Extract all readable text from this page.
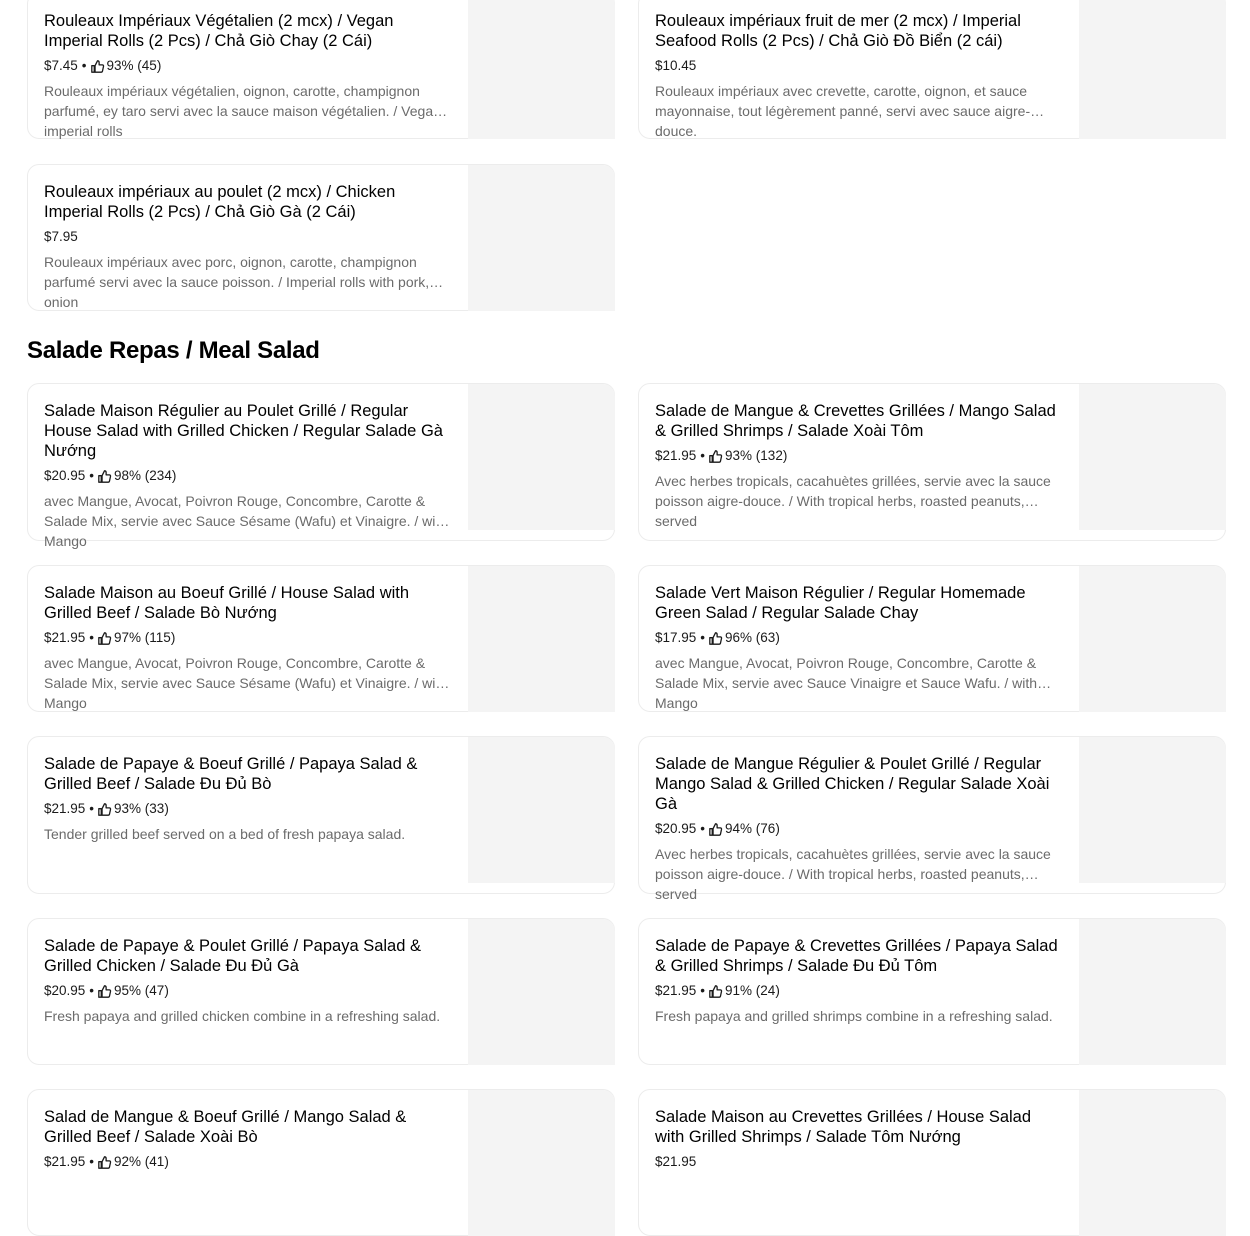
Rouleaux Impériaux Végétalien (2 mcx) / Vegan Imperial Rolls (2 Pcs) / Chả Giò Chay (2 Cái)
$7.45 • 93% (45)
Rouleaux impériaux végétalien, oignon, carotte, champignon parfumé, ey taro servi avec la sauce maison végétalien. / Vegan imperial rolls
Rouleaux impériaux fruit de mer (2 mcx) / Imperial Seafood Rolls (2 Pcs) / Chả Giò Đồ Biển (2 cái)
$10.45
Rouleaux impériaux avec crevette, carotte, oignon, et sauce mayonnaise, tout légèrement panné, servi avec sauce aigre-douce.
Rouleaux impériaux au poulet (2 mcx) / Chicken Imperial Rolls (2 Pcs) / Chả Giò Gà (2 Cái)
$7.95
Rouleaux impériaux avec porc, oignon, carotte, champignon parfumé servi avec la sauce poisson. / Imperial rolls with pork, onion
Salade Repas / Meal Salad
Salade Maison Régulier au Poulet Grillé / Regular House Salad with Grilled Chicken / Regular Salade Gà Nướng
$20.95 • 98% (234)
avec Mangue, Avocat, Poivron Rouge, Concombre, Carotte & Salade Mix, servie avec Sauce Sésame (Wafu) et Vinaigre. / with Mango
Salade de Mangue & Crevettes Grillées / Mango Salad & Grilled Shrimps / Salade Xoài Tôm
$21.95 • 93% (132)
Avec herbes tropicals, cacahuètes grillées, servie avec la sauce poisson aigre-douce. / With tropical herbs, roasted peanuts, served
Salade Maison au Boeuf Grillé / House Salad with Grilled Beef / Salade Bò Nướng
$21.95 • 97% (115)
avec Mangue, Avocat, Poivron Rouge, Concombre, Carotte & Salade Mix, servie avec Sauce Sésame (Wafu) et Vinaigre. / with Mango
Salade Vert Maison Régulier / Regular Homemade Green Salad / Regular Salade Chay
$17.95 • 96% (63)
avec Mangue, Avocat, Poivron Rouge, Concombre, Carotte & Salade Mix, servie avec Sauce Vinaigre et Sauce Wafu. / with Mango
Salade de Papaye & Boeuf Grillé / Papaya Salad & Grilled Beef / Salade Đu Đủ Bò
$21.95 • 93% (33)
Tender grilled beef served on a bed of fresh papaya salad.
Salade de Mangue Régulier & Poulet Grillé / Regular Mango Salad & Grilled Chicken / Regular Salade Xoài Gà
$20.95 • 94% (76)
Avec herbes tropicals, cacahuètes grillées, servie avec la sauce poisson aigre-douce. / With tropical herbs, roasted peanuts, served
Salade de Papaye & Poulet Grillé / Papaya Salad & Grilled Chicken / Salade Đu Đủ Gà
$20.95 • 95% (47)
Fresh papaya and grilled chicken combine in a refreshing salad.
Salade de Papaye & Crevettes Grillées / Papaya Salad & Grilled Shrimps / Salade Đu Đủ Tôm
$21.95 • 91% (24)
Fresh papaya and grilled shrimps combine in a refreshing salad.
Salad de Mangue & Boeuf Grillé / Mango Salad & Grilled Beef / Salade Xoài Bò
$21.95 • 92% (41)
Salade Maison au Crevettes Grillées / House Salad with Grilled Shrimps / Salade Tôm Nướng
$21.95
